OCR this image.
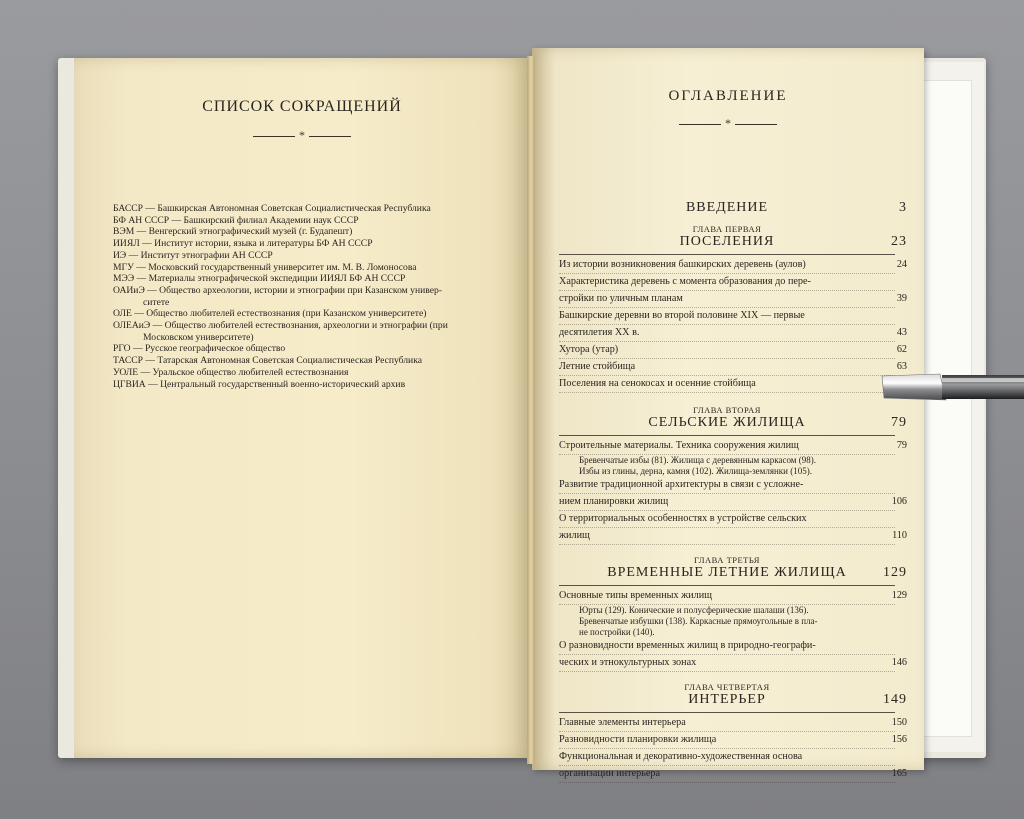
СПИСОК СОКРАЩЕНИЙ
*
БАССР — Башкирская Автономная Советская Социалистическая Республика
БФ АН СССР — Башкирский филиал Академии наук СССР
ВЭМ — Венгерский этнографический музей (г. Будапешт)
ИИЯЛ — Институт истории, языка и литературы БФ АН СССР
ИЭ — Институт этнографии АН СССР
МГУ — Московский государственный университет им. М. В. Ломоносова
МЭЭ — Материалы этнографической экспедиции ИИЯЛ БФ АН СССР
ОАИиЭ — Общество археологии, истории и этнографии при Казанском универ-
ситете
ОЛЕ — Общество любителей естествознания (при Казанском университете)
ОЛЕАиЭ — Общество любителей естествознания, археологии и этнографии (при
Московском университете)
РГО — Русское географическое общество
ТАССР — Татарская Автономная Советская Социалистическая Республика
УОЛЕ — Уральское общество любителей естествознания
ЦГВИА — Центральный государственный военно-исторический архив
ОГЛАВЛЕНИЕ
*
ВВЕДЕНИЕ	3
ГЛАВА ПЕРВАЯ
ПОСЕЛЕНИЯ	23
Из истории возникновения башкирских деревень (аулов)	24
Характеристика деревень с момента образования до пере-
стройки по уличным планам	39
Башкирские деревни во второй половине XIX — первые
десятилетия XX в.	43
Хутора (утар)	62
Летние стойбища	63
Поселения на сенокосах и осенние стойбища
ГЛАВА ВТОРАЯ
СЕЛЬСКИЕ ЖИЛИЩА	79
Строительные материалы. Техника сооружения жилищ	79
Бревенчатые избы (81). Жилища с деревянным каркасом (98).
Избы из глины, дерна, камня (102). Жилища-землянки (105).
Развитие традиционной архитектуры в связи с усложне-
нием планировки жилищ	106
О территориальных особенностях в устройстве сельских
жилищ	110
ГЛАВА ТРЕТЬЯ
ВРЕМЕННЫЕ ЛЕТНИЕ ЖИЛИЩА	129
Основные типы временных жилищ	129
Юрты (129). Конические и полусферические шалаши (136).
Бревенчатые избушки (138). Каркасные прямоугольные в пла-
не постройки (140).
О разновидности временных жилищ в природно-географи-
ческих и этнокультурных зонах	146
ГЛАВА ЧЕТВЕРТАЯ
ИНТЕРЬЕР	149
Главные элементы интерьера	150
Разновидности планировки жилища	156
Функциональная и декоративно-художественная основа
организации интерьера	165
